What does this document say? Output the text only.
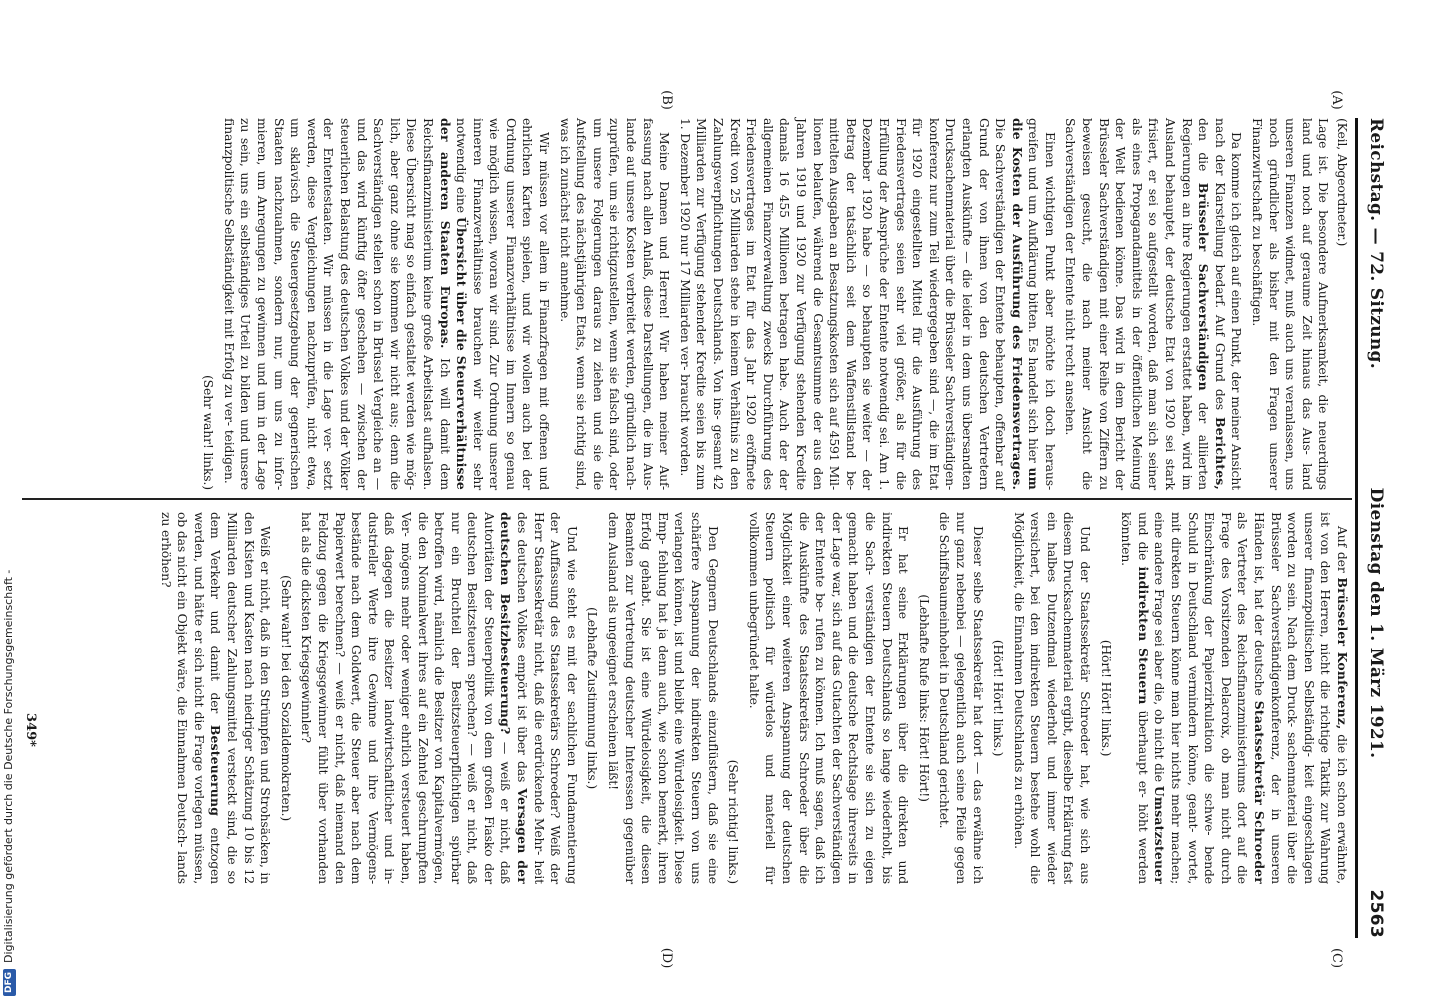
Reichstag. — 72. Sitzung.
Dienstag den 1. März 1921.
2563
(A)
(B)
(C)
(D)

(Keil, Abgeordneter.)

Lage ist. Die besondere Aufmerksamkeit, die neuerdings land und noch auf geraume Zeit hinaus das Aus- land unseren Finanzen widmet, muß auch uns veranlassen, uns noch gründlicher als bisher mit den Fragen unserer Finanzwirtschaft zu beschäftigen.

Da komme ich gleich auf einen Punkt, der meiner Ansicht nach der Klarstellung bedarf. Auf Grund des Berichtes, den die Brüsseler Sachverständigen der alliierten Regierungen an ihre Regierungen erstattet haben, wird im Ausland behauptet, der deutsche Etat von 1920 sei stark frisiert, er sei so aufgestellt worden, daß man sich seiner als eines Propagandamittels in der öffentlichen Meinung der Welt bedienen könne. Das wird in dem Bericht der Brüsseler Sachverständigen mit einer Reihe von Ziffern zu beweisen gesucht, die nach meiner Ansicht die Sachverständigen der Entente nicht recht ansehen.

Einen wichtigen Punkt aber möchte ich doch heraus- greifen und um Aufklärung bitten. Es handelt sich hier um die Kosten der Ausführung des Friedensvertrages. Die Sachverständigen der Entente behaupten, offenbar auf Grund der von ihnen von den deutschen Vertretern erlangten Auskünfte — die leider in dem uns übersandten Drucksachenmaterial über die Brüsseler Sachverständigen- konferenz nur zum Teil wiedergegeben sind —, die im Etat für 1920 eingestellten Mittel für die Ausführung des Friedensvertrages seien sehr viel größer, als für die Erfüllung der Ansprüche der Entente notwendig sei. Am 1. Dezember 1920 habe — so behaupten sie weiter — der Betrag der tatsächlich seit dem Waffenstillstand be- mittelten Ausgaben an Besatzungskosten sich auf 4591 Mil- lionen belaufen, während die Gesamtsumme der aus den Jahren 1919 und 1920 zur Verfügung stehenden Kredite damals 16 455 Millionen betragen habe. Auch der der allgemeinen Finanzverwaltung zwecks Durchführung des Friedensvertrages im Etat für das Jahr 1920 eröffnete Kredit von 25 Milliarden stehe in keinem Verhältnis zu den Zahlungsverpflichtungen Deutschlands. Von ins- gesamt 42 Milliarden zur Verfügung stehender Kredite seien bis zum 1. Dezember 1920 nur 17 Milliarden ver- braucht worden.

Meine Damen und Herren! Wir haben meiner Auf- fassung nach allen Anlaß, diese Darstellungen, die im Aus- lande auf unsere Kosten verbreitet werden, gründlich nach- zuprüfen, um sie richtigzustellen, wenn sie falsch sind, oder um unsere Folgerungen daraus zu ziehen und sie die Aufstellung des nächstjährigen Etats, wenn sie richtig sind, was ich zunächst nicht annehme.

Wir müssen vor allem in Finanzfragen mit offenen und ehrlichen Karten spielen, und wir wollen auch bei der Ordnung unserer Finanzverhältnisse im Innern so genau wie möglich wissen, woran wir sind. Zur Ordnung unserer inneren Finanzverhältnisse brauchen wir weiter sehr notwendig eine Übersicht über die Steuerverhältnisse der anderen Staaten Europas. Ich will damit dem Reichsfinanzministerium keine große Arbeitslast aufhalsen. Diese Übersicht mag so einfach gestaltet werden wie mög- lich, aber ganz ohne sie kommen wir nicht aus; denn die Sachverständigen stellen schon in Brüssel Vergleiche an — und das wird künftig öfter geschehen — zwischen der steuerlichen Belastung des deutschen Volkes und der Völker der Ententestaaten. Wir müssen in die Lage ver- setzt werden, diese Vergleichungen nachzuprüfen, nicht etwa, um sklavisch die Steuergesetzgebung der gegnerischen Staaten nachzuahmen, sondern nur, um uns zu infor- mieren, um Anregungen zu gewinnen und um in der Lage zu sein, uns ein selbständiges Urteil zu bilden und unsere finanzpolitische Selbständigkeit mit Erfolg zu ver- teidigen.

(Sehr wahr! links.)

Auf der Brüsseler Konferenz, die ich schon erwähnte, ist von den Herren, nicht die richtige Taktik zur Wahrung unserer finanzpolitischen Selbständig- keit eingeschlagen worden zu sein. Nach dem Druck- sachenmaterial über die Brüsseler Sachverständigenkonferenz, der in unseren Händen ist, hat der deutsche Staatssekretär Schroeder als Vertreter des Reichsfinanzministeriums dort auf die Frage des Vorsitzenden Delacroix, ob man nicht durch Einschränkung der Papierzirkulation die schwe- bende Schuld in Deutschland vermindern könne, geant- wortet, mit direkten Steuern könne man hier nichts mehr machen; eine andere Frage sei aber die, ob nicht die Umsatzsteuer und die indirekten Steuern überhaupt er- höht werden könnten.

(Hört! Hört! links.)

Und der Staatssekretär Schroeder hat, wie sich aus diesem Drucksachenmaterial ergibt, dieselbe Erklärung fast ein halbes Dutzendmal wiederholt und immer wieder versichert, bei den indirekten Steuern bestehe wohl die Möglichkeit, die Einnahmen Deutschlands zu erhöhen.

(Hört! Hört! links.)

Dieser selbe Staatssekretär hat dort — das erwähne ich nur ganz nebenbei — gelegentlich auch seine Pfeile gegen die Schiffsbaumeinhoheit in Deutschland gerichtet.

(Lebhafte Rufe links: Hört! Hört!)

Er hat seine Erklärungen über die direkten und indirekten Steuern Deutschlands so lange wiederholt, bis die Sach- verständigen der Entente sie sich zu eigen gemacht haben und die deutsche Rechtslage ihrerseits in der Lage war, sich auf das Gutachten der Sachverständigen der Entente be- rufen zu können. Ich muß sagen, daß ich die Auskünfte des Staatssekretärs Schroeder über die Möglichkeit einer weiteren Anspannung der deutschen Steuern politisch für würdelos und materiell für vollkommen unbegründet halte.

(Sehr richtig! links.)

Den Gegnern Deutschlands einzuflüstern, daß sie eine schärfere Anspannung der indirekten Steuern von uns verlangen können, ist und bleibt eine Würdelosigkeit. Diese Emp- fehlung hat ja denn auch, wie schon bemerkt, ihren Erfolg gehabt. Sie ist eine Würdelosigkeit, die diesen Beamten zur Vertretung deutscher Interessen gegenüber dem Ausland als ungeeignet erscheinen läßt!

(Lebhafte Zustimmung links.)

Und wie steht es mit der sachlichen Fundamentierung der Auffassung des Staatssekretärs Schroeder? Weiß der Herr Staatssekretär nicht, daß die erdrückende Mehr- heit des deutschen Volkes empört ist über das Versagen der deutschen Besitzbesteuerung? — weiß er nicht, daß Autoritäten der Steuerpolitik von dem großen Fiasko der deutschen Besitzsteuern sprechen? — weiß er nicht, daß nur ein Bruchteil der Besitzsteuerpflichtigen spürbar betroffen wird, nämlich die Besitzer von Kapitalvermögen, die den Nominalwert ihres auf ein Zehntel geschrumpften Ver- mögens mehr oder weniger ehrlich versteuert haben, daß dagegen die Besitzer landwirtschaftlicher und in- dustrieller Werte ihre Gewinne und ihre Vermögens- bestände nach dem Goldwert, die Steuer aber nach dem Papierwert berechnen? — weiß er nicht, daß niemand den Feldzug gegen die Kriegsgewinner fühlt über vorhanden hat als die dicksten Kriegsgewinnler?

(Sehr wahr! bei den Sozialdemokraten.)

Weiß er nicht, daß in den Strümpfen und Strohsäcken, in den Kisten und Kasten nach niedriger Schätzung 10 bis 12 Milliarden deutscher Zahlungsmittel versteckt sind, die so dem Verkehr und damit der Besteuerung entzogen werden, und hätte er sich nicht die Frage vorlegen müssen, ob das nicht ein Objekt wäre, die Einnahmen Deutsch- lands zu erhöhen?

349*
DFGDigitalisierung gefördert durch die Deutsche Forschungsgemeinschaft -
